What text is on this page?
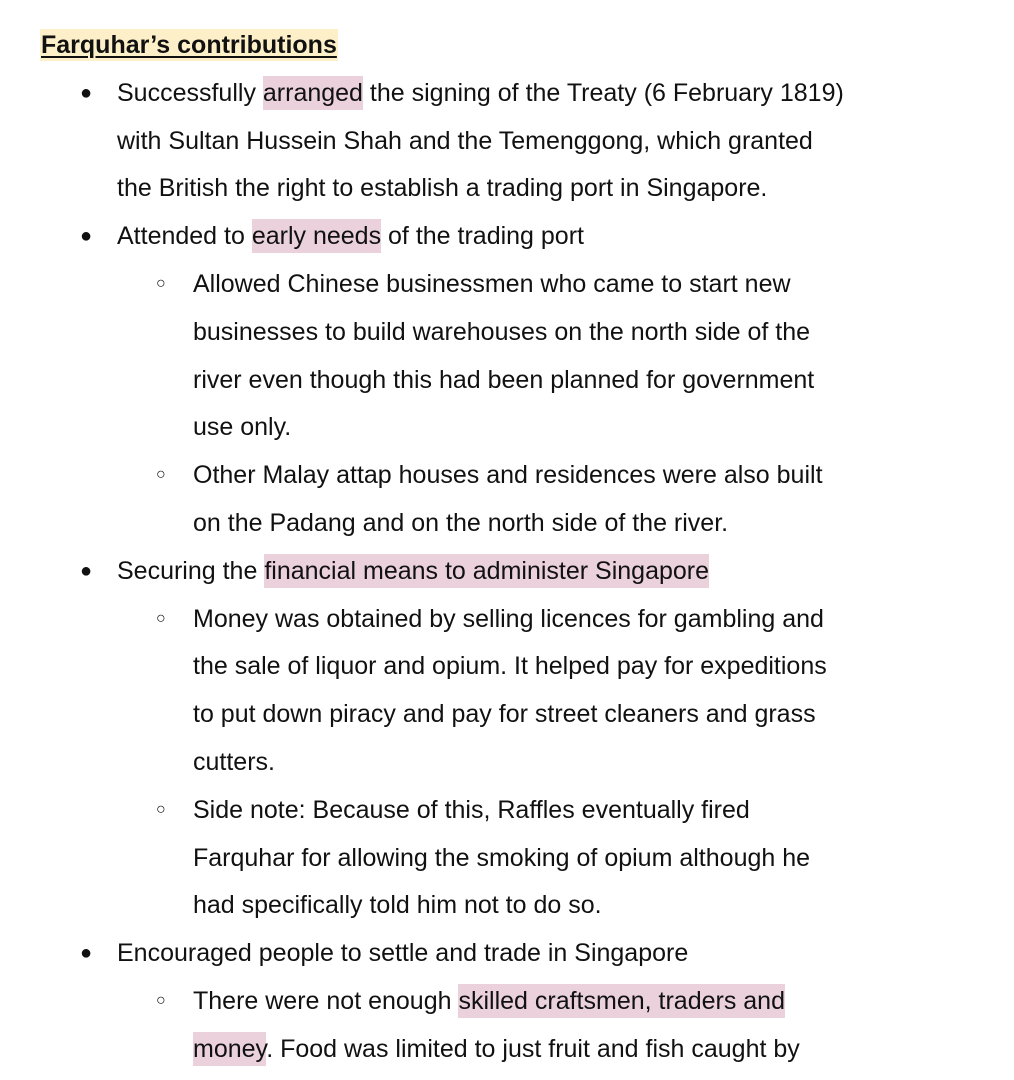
Farquhar’s contributions
● Successfully arranged the signing of the Treaty (6 February 1819)
with Sultan Hussein Shah and the Temenggong, which granted
the British the right to establish a trading port in Singapore.
● Attended to early needs of the trading port
○ Allowed Chinese businessmen who came to start new
businesses to build warehouses on the north side of the
river even though this had been planned for government
use only.
○ Other Malay attap houses and residences were also built
on the Padang and on the north side of the river.
● Securing the financial means to administer Singapore
○ Money was obtained by selling licences for gambling and
the sale of liquor and opium. It helped pay for expeditions
to put down piracy and pay for street cleaners and grass
cutters.
○ Side note: Because of this, Raffles eventually fired
Farquhar for allowing the smoking of opium although he
had specifically told him not to do so.
● Encouraged people to settle and trade in Singapore
○ There were not enough skilled craftsmen, traders and
money. Food was limited to just fruit and fish caught by
